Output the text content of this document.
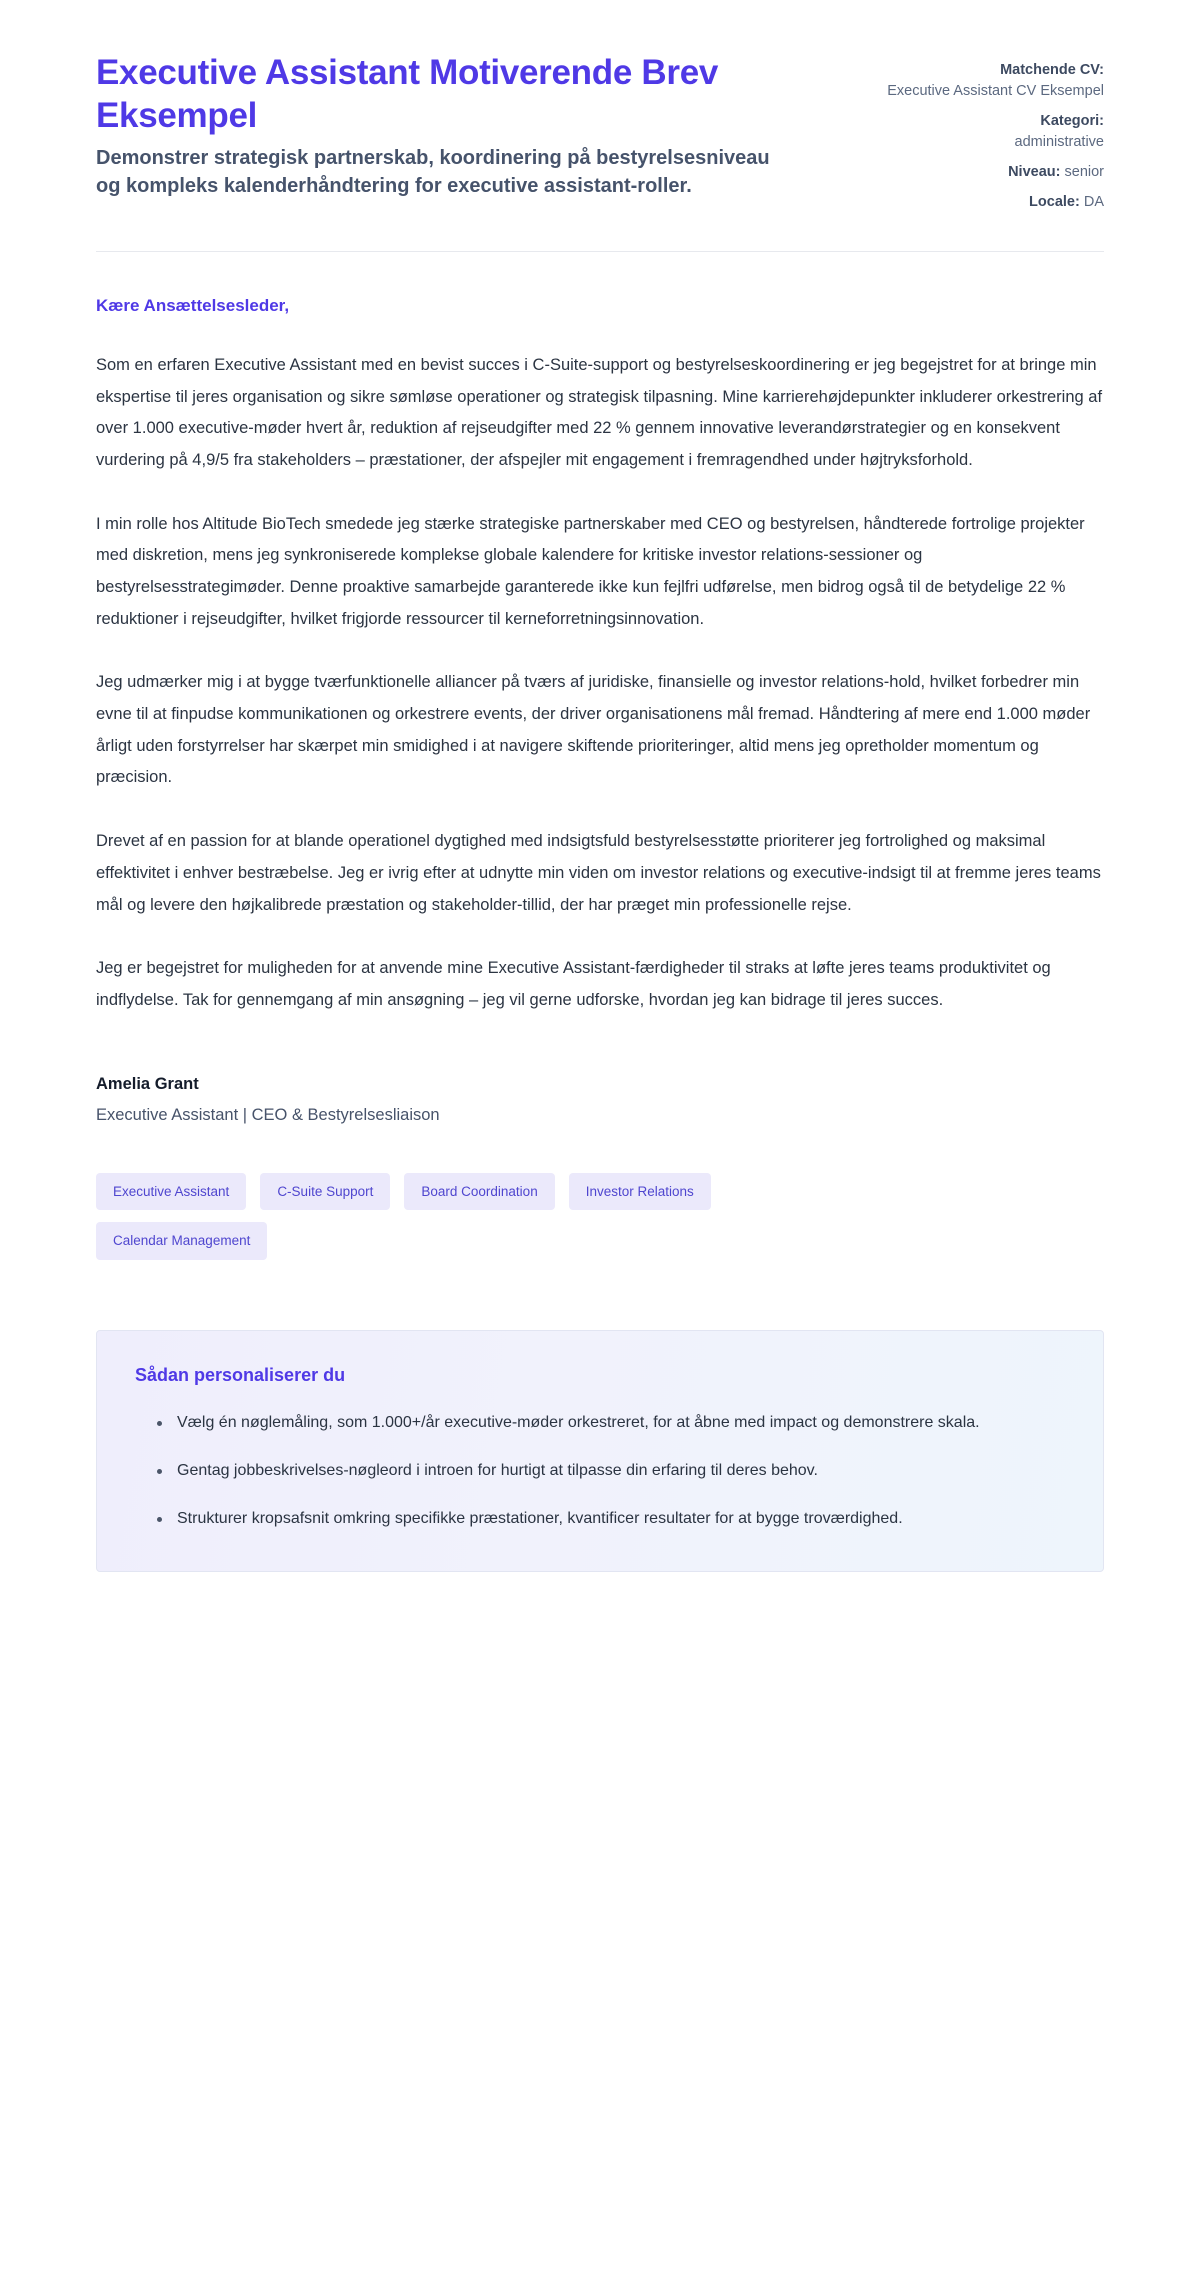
Executive Assistant Motiverende Brev Eksempel

Demonstrer strategisk partnerskab, koordinering på bestyrelsesniveau og kompleks kalenderhåndtering for executive assistant-roller.

Matchende CV:
Executive Assistant CV Eksempel
Kategori:
administrative
Niveau: senior
Locale: DA

Kære Ansættelsesleder,

Som en erfaren Executive Assistant med en bevist succes i C-Suite-support og bestyrelseskoordinering er jeg begejstret for at bringe min ekspertise til jeres organisation og sikre sømløse operationer og strategisk tilpasning. Mine karrierehøjdepunkter inkluderer orkestrering af over 1.000 executive-møder hvert år, reduktion af rejseudgifter med 22 % gennem innovative leverandørstrategier og en konsekvent vurdering på 4,9/5 fra stakeholders – præstationer, der afspejler mit engagement i fremragendhed under højtryksforhold.

I min rolle hos Altitude BioTech smedede jeg stærke strategiske partnerskaber med CEO og bestyrelsen, håndterede fortrolige projekter med diskretion, mens jeg synkroniserede komplekse globale kalendere for kritiske investor relations-sessioner og bestyrelsesstrategimøder. Denne proaktive samarbejde garanterede ikke kun fejlfri udførelse, men bidrog også til de betydelige 22 % reduktioner i rejseudgifter, hvilket frigjorde ressourcer til kerneforretningsinnovation.

Jeg udmærker mig i at bygge tværfunktionelle alliancer på tværs af juridiske, finansielle og investor relations-hold, hvilket forbedrer min evne til at finpudse kommunikationen og orkestrere events, der driver organisationens mål fremad. Håndtering af mere end 1.000 møder årligt uden forstyrrelser har skærpet min smidighed i at navigere skiftende prioriteringer, altid mens jeg opretholder momentum og præcision.

Drevet af en passion for at blande operationel dygtighed med indsigtsfuld bestyrelsesstøtte prioriterer jeg fortrolighed og maksimal effektivitet i enhver bestræbelse. Jeg er ivrig efter at udnytte min viden om investor relations og executive-indsigt til at fremme jeres teams mål og levere den højkalibrede præstation og stakeholder-tillid, der har præget min professionelle rejse.

Jeg er begejstret for muligheden for at anvende mine Executive Assistant-færdigheder til straks at løfte jeres teams produktivitet og indflydelse. Tak for gennemgang af min ansøgning – jeg vil gerne udforske, hvordan jeg kan bidrage til jeres succes.

Amelia Grant

Executive Assistant | CEO & Bestyrelsesliaison

Executive Assistant	C-Suite Support	Board Coordination	Investor Relations
Calendar Management
Sådan personaliserer du
Vælg én nøglemåling, som 1.000+/år executive-møder orkestreret, for at åbne med impact og demonstrere skala.
Gentag jobbeskrivelses-nøgleord i introen for hurtigt at tilpasse din erfaring til deres behov.
Strukturer kropsafsnit omkring specifikke præstationer, kvantificer resultater for at bygge troværdighed.
